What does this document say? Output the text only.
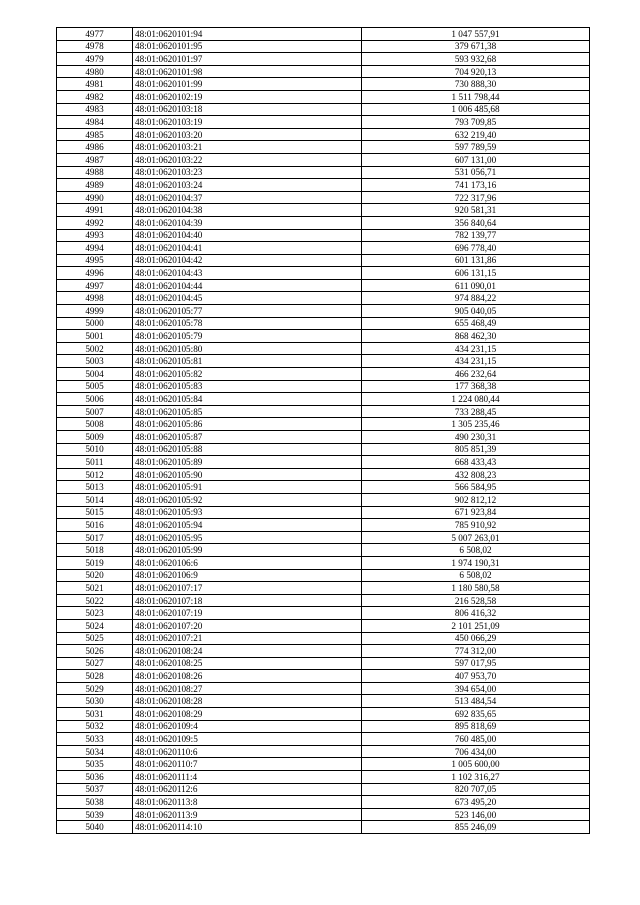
4977	48:01:0620101:94	1 047 557,91
4978	48:01:0620101:95	379 671,38
4979	48:01:0620101:97	593 932,68
4980	48:01:0620101:98	704 920,13
4981	48:01:0620101:99	730 888,30
4982	48:01:0620102:19	1 511 798,44
4983	48:01:0620103:18	1 006 485,68
4984	48:01:0620103:19	793 709,85
4985	48:01:0620103:20	632 219,40
4986	48:01:0620103:21	597 789,59
4987	48:01:0620103:22	607 131,00
4988	48:01:0620103:23	531 056,71
4989	48:01:0620103:24	741 173,16
4990	48:01:0620104:37	722 317,96
4991	48:01:0620104:38	920 581,31
4992	48:01:0620104:39	356 840,64
4993	48:01:0620104:40	782 139,77
4994	48:01:0620104:41	696 778,40
4995	48:01:0620104:42	601 131,86
4996	48:01:0620104:43	606 131,15
4997	48:01:0620104:44	611 090,01
4998	48:01:0620104:45	974 884,22
4999	48:01:0620105:77	905 040,05
5000	48:01:0620105:78	655 468,49
5001	48:01:0620105:79	868 462,30
5002	48:01:0620105:80	434 231,15
5003	48:01:0620105:81	434 231,15
5004	48:01:0620105:82	466 232,64
5005	48:01:0620105:83	177 368,38
5006	48:01:0620105:84	1 224 080,44
5007	48:01:0620105:85	733 288,45
5008	48:01:0620105:86	1 305 235,46
5009	48:01:0620105:87	490 230,31
5010	48:01:0620105:88	805 851,39
5011	48:01:0620105:89	668 433,43
5012	48:01:0620105:90	432 808,23
5013	48:01:0620105:91	566 584,95
5014	48:01:0620105:92	902 812,12
5015	48:01:0620105:93	671 923,84
5016	48:01:0620105:94	785 910,92
5017	48:01:0620105:95	5 007 263,01
5018	48:01:0620105:99	6 508,02
5019	48:01:0620106:6	1 974 190,31
5020	48:01:0620106:9	6 508,02
5021	48:01:0620107:17	1 180 580,58
5022	48:01:0620107:18	216 528,58
5023	48:01:0620107:19	806 416,32
5024	48:01:0620107:20	2 101 251,09
5025	48:01:0620107:21	450 066,29
5026	48:01:0620108:24	774 312,00
5027	48:01:0620108:25	597 017,95
5028	48:01:0620108:26	407 953,70
5029	48:01:0620108:27	394 654,00
5030	48:01:0620108:28	513 484,54
5031	48:01:0620108:29	692 835,65
5032	48:01:0620109:4	895 818,69
5033	48:01:0620109:5	760 485,00
5034	48:01:0620110:6	706 434,00
5035	48:01:0620110:7	1 005 600,00
5036	48:01:0620111:4	1 102 316,27
5037	48:01:0620112:6	820 707,05
5038	48:01:0620113:8	673 495,20
5039	48:01:0620113:9	523 146,00
5040	48:01:0620114:10	855 246,09
